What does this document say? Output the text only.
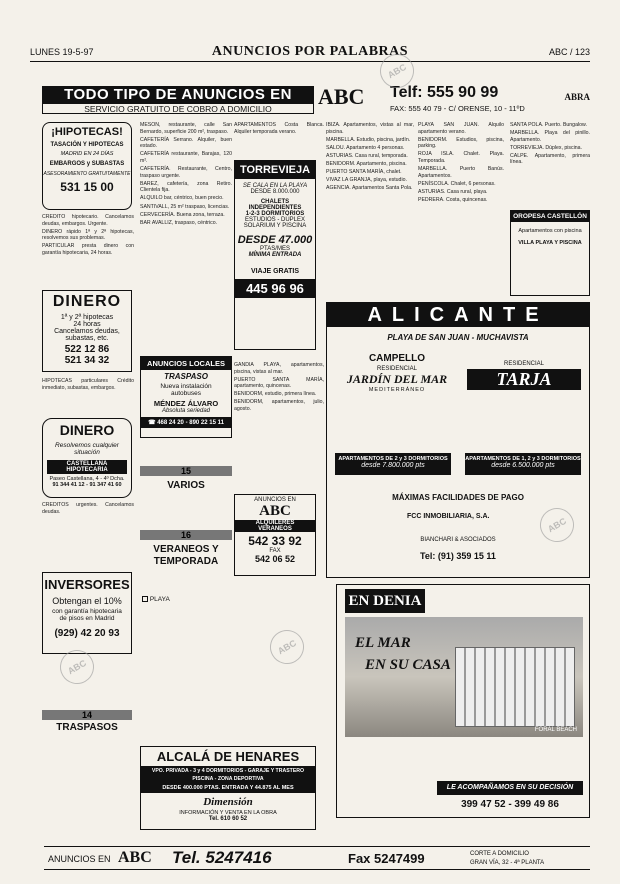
LUNES 19-5-97	ANUNCIOS POR PALABRAS	ABC / 123
TODO TIPO DE ANUNCIOS EN
SERVICIO GRATUITO DE COBRO A DOMICILIO	ABC Telf: 555 90 99
FAX: 555 40 79 - C/ ORENSE, 10 - 11ºD
ABRA
¡HIPOTECAS!
TASACIÓN Y HIPOTECAS
MADRID EN 24 DÍAS
EMBARGOS y SUBASTAS
ASESORAMIENTO GRATUITAMENTE
531 15 00

CRÉDITO hipotecario. Cancelamos deudas, embargos. Urgente.

DINERO rápido 1ª y 2ª hipotecas, resolvemos sus problemas.

PARTICULAR presta dinero con garantía hipotecaria, 24 horas.

DINERO
1ª y 2ª hipotecas
24 horas
Cancelamos deudas,
subastas, etc.
522 12 86
521 34 32

HIPOTECAS particulares Crédito inmediato, subastas, embargos.

DINERO
Resolvemos cualquier
situación
CASTELLANA HIPOTECARIA
Paseo Castellana, 4 - 4º Dcha.
91 344 41 12 - 91 347 41 60

CRÉDITOS urgentes. Cancelamos deudas.

INVERSORES
Obtengan el 10%
con garantía hipotecaria
de pisos en Madrid
(929) 42 20 93
14
TRASPASOS

MESÓN, restaurante, calle San Bernardo, superficie 200 m², traspaso.

CAFETERÍA Serrano. Alquiler, buen estado.

CAFETERÍA restaurante, Barajas, 120 m².

CAFETERÍA. Restaurante, Centro, traspaso urgente.

BAREZ, cafetería, zona Retiro. Clientela fija.

ALQUILO bar, céntrico, buen precio.

SANTIVALL, 25 m² traspaso, licencias.

CERVECERÍA. Buena zona, terraza.

BAR AVALLIZ, traspaso, céntrico.

ANUNCIOS LOCALES
TRASPASO
Nueva instalación
autobuses
MÉNDEZ ÁLVARO
Absoluta seriedad
☎ 468 24 20 - 890 22 15 11
15
VARIOS
16
VERANEOS Y TEMPORADA
PLAYA

APARTAMENTOS Costa Blanca. Alquiler temporada verano.

TORREVIEJA
SE CALA EN LA PLAYA
DESDE 8.000.000
CHALETS INDEPENDIENTES
1-2-3 DORMITORIOS
ESTUDIOS - DÚPLEX
SOLARIUM Y PISCINA
DESDE 47.000
PTAS/MES
MÍNIMA ENTRADA
VIAJE GRATIS
445 96 96

GANDÍA PLAYA, apartamentos, piscina, vistas al mar.

PUERTO SANTA MARÍA, apartamento, quincenas.

BENIDORM, estudio, primera línea.

BENIDORM, apartamentos, julio, agosto.

ANUNCIOS EN
ABC
ALQUILERES
VERANEOS
542 33 92
FAX
542 06 52

IBIZA. Apartamentos, vistas al mar, piscina.

MARBELLA. Estudio, piscina, jardín.

SALOU. Apartamento 4 personas.

ASTURIAS. Casa rural, temporada.

BENIDORM. Apartamento, piscina.

PUERTO SANTA MARÍA, chalet.

VIVAZ LA GRANJA, playa, estudio.

AGENCIA. Apartamentos Santa Pola.

PLAYA SAN JUAN. Alquilo apartamento verano.

BENIDORM. Estudios, piscina, parking.

ROJA ISLA. Chalet. Playa. Temporada.

MARBELLA. Puerto Banús. Apartamentos.

PENÍSCOLA. Chalet, 6 personas.

ASTURIAS. Casa rural, playa.

PEDRERA. Costa, quincenas.

SANTA POLA. Puerto. Bungalow.

MARBELLA. Playa del pinillo. Apartamento.

TORREVIEJA. Dúplex, piscina.

CALPE. Apartamento, primera línea.

OROPESA CASTELLÓN
Apartamentos con piscina
VILLA PLAYA Y PISCINA
ALICANTE
PLAYA DE SAN JUAN - MUCHAVISTA
CAMPELLO
RESIDENCIAL
JARDÍN DEL MAR
MEDITERRÁNEO
RESIDENCIAL
TARJA
APARTAMENTOS DE 2 y 3 DORMITORIOS
desde 7.800.000 pts
APARTAMENTOS DE 1, 2 y 3 DORMITORIOS
desde 6.500.000 pts
MÁXIMAS FACILIDADES DE PAGO
FCC INMOBILIARIA, S.A.
BIANCHARI & ASOCIADOS
Tel: (91) 359 15 11
EN DENIA
EL MAR
EN SU CASA
FORAL BEACH
LE ACOMPAÑAMOS EN SU DECISIÓN
399 47 52 - 399 49 86
ALCALÁ DE HENARES
VPO. PRIVADA - 3 y 4 DORMITORIOS - GARAJE Y TRASTERO
PISCINA - ZONA DEPORTIVA
DESDE 400.000 PTAS. ENTRADA Y 44.875 AL MES
Dimensión
INFORMACIÓN Y VENTA EN LA OBRA
Tel. 610 60 52
ANUNCIOS EN ABC Tel. 5247416	Fax 5247499	CORTE A DOMICILIO
GRAN VÍA, 32 - 4ª PLANTA
ABC
ABC
ABC
ABC
